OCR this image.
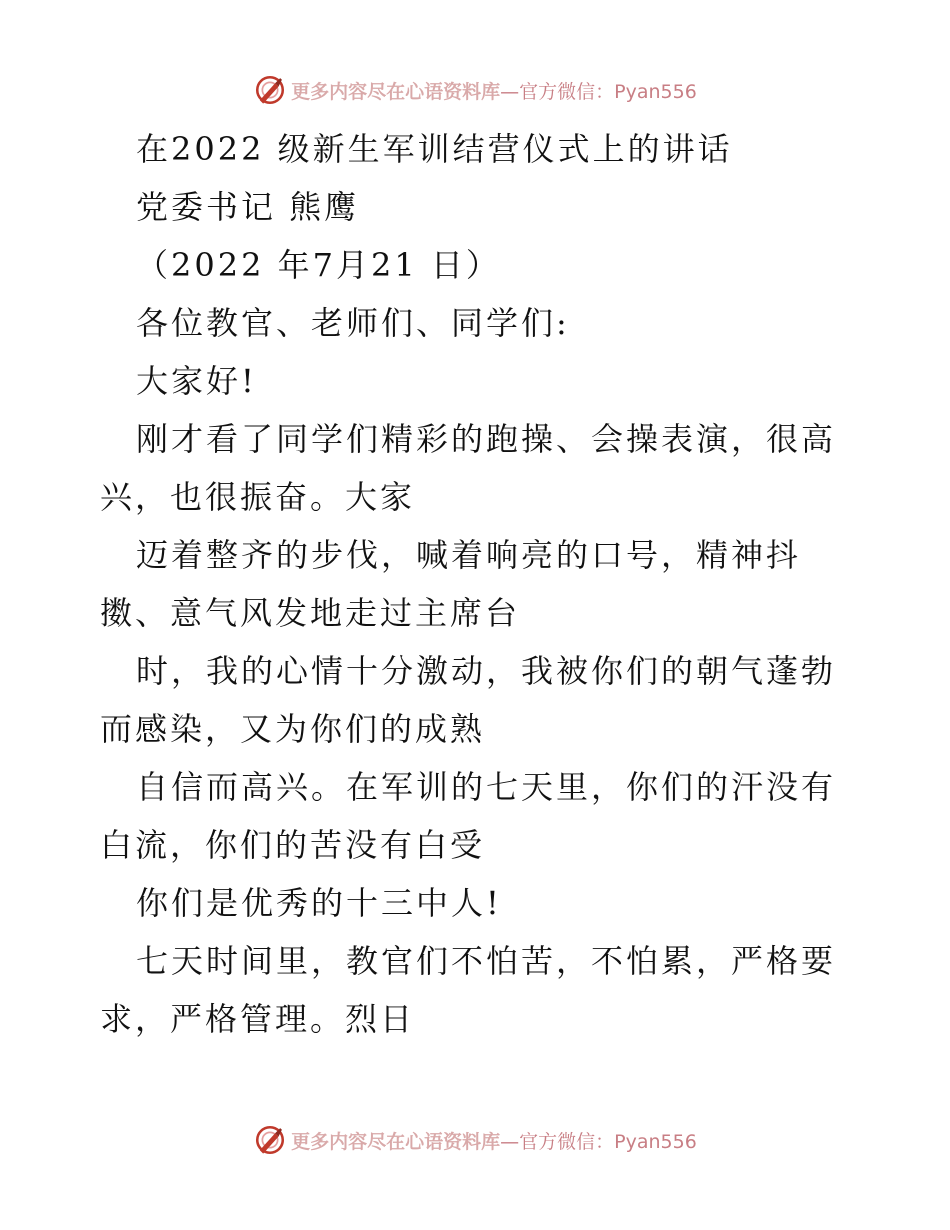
更多内容尽在心语资料库 —官方微信：Pyan556

在2022 级新生军训结营仪式上的讲话

党委书记 熊鹰

（2022 年7月21 日）

各位教官、老师们、同学们:

大家好!

刚才看了同学们精彩的跑操、会操表演，很高兴，也很振奋。大家

迈着整齐的步伐，喊着响亮的口号，精神抖擞、意气风发地走过主席台

时，我的心情十分激动，我被你们的朝气蓬勃而感染，又为你们的成熟

自信而高兴。在军训的七天里，你们的汗没有白流，你们的苦没有白受

你们是优秀的十三中人!

七天时间里，教官们不怕苦，不怕累，严格要求，严格管理。烈日

更多内容尽在心语资料库 —官方微信：Pyan556
